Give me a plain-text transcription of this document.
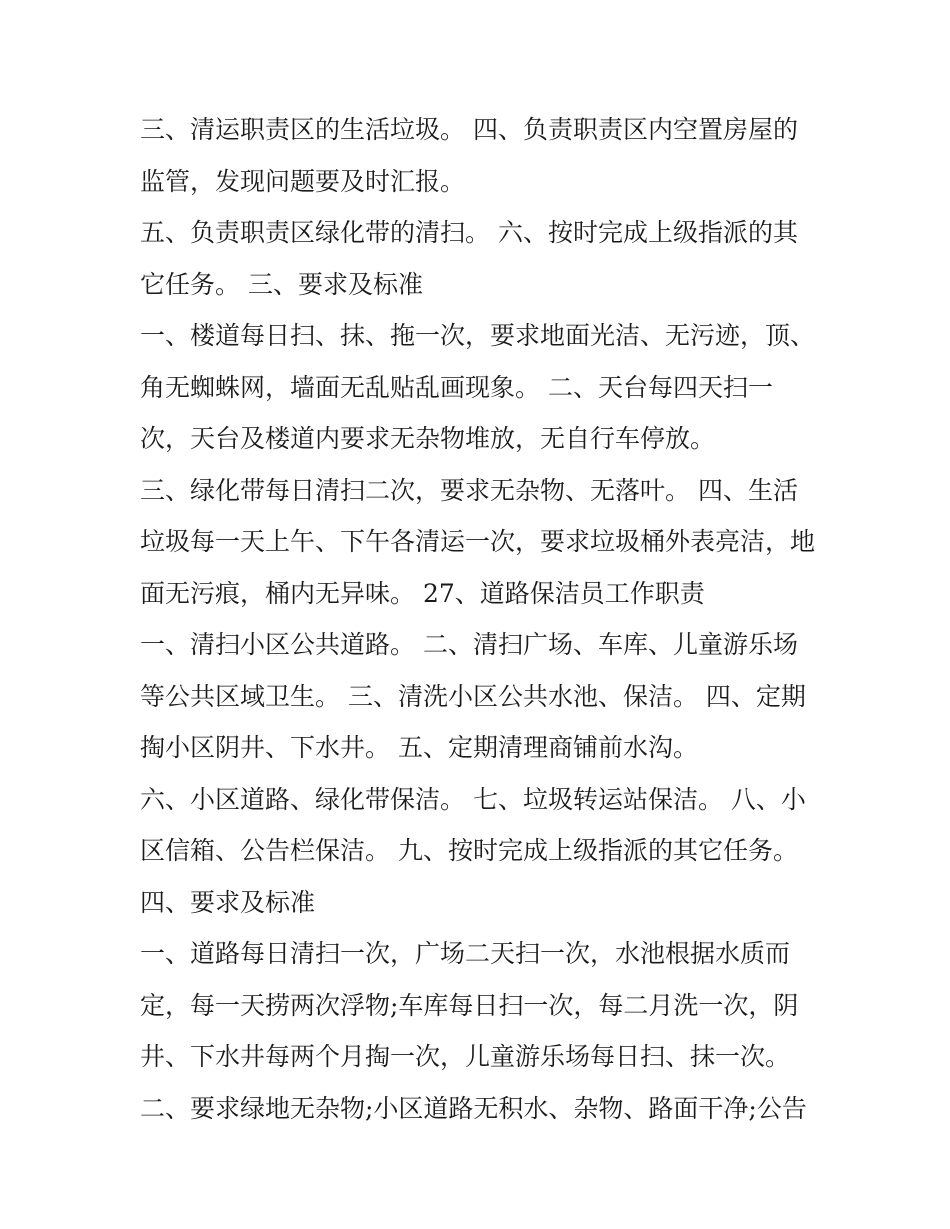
三、清运职责区的生活垃圾。 四、负责职责区内空置房屋的
监管，发现问题要及时汇报。
五、负责职责区绿化带的清扫。 六、按时完成上级指派的其
它任务。 三、要求及标准
一、楼道每日扫、抹、拖一次，要求地面光洁、无污迹，顶、
角无蜘蛛网，墙面无乱贴乱画现象。 二、天台每四天扫一
次，天台及楼道内要求无杂物堆放，无自行车停放。
三、绿化带每日清扫二次，要求无杂物、无落叶。 四、生活
垃圾每一天上午、下午各清运一次，要求垃圾桶外表亮洁，地
面无污痕，桶内无异味。 27、道路保洁员工作职责
一、清扫小区公共道路。 二、清扫广场、车库、儿童游乐场
等公共区域卫生。 三、清洗小区公共水池、保洁。 四、定期
掏小区阴井、下水井。 五、定期清理商铺前水沟。
六、小区道路、绿化带保洁。 七、垃圾转运站保洁。 八、小
区信箱、公告栏保洁。 九、按时完成上级指派的其它任务。
四、要求及标准
一、道路每日清扫一次，广场二天扫一次，水池根据水质而
定，每一天捞两次浮物;车库每日扫一次，每二月洗一次，阴
井、下水井每两个月掏一次，儿童游乐场每日扫、抹一次。
二、要求绿地无杂物;小区道路无积水、杂物、路面干净;公告
